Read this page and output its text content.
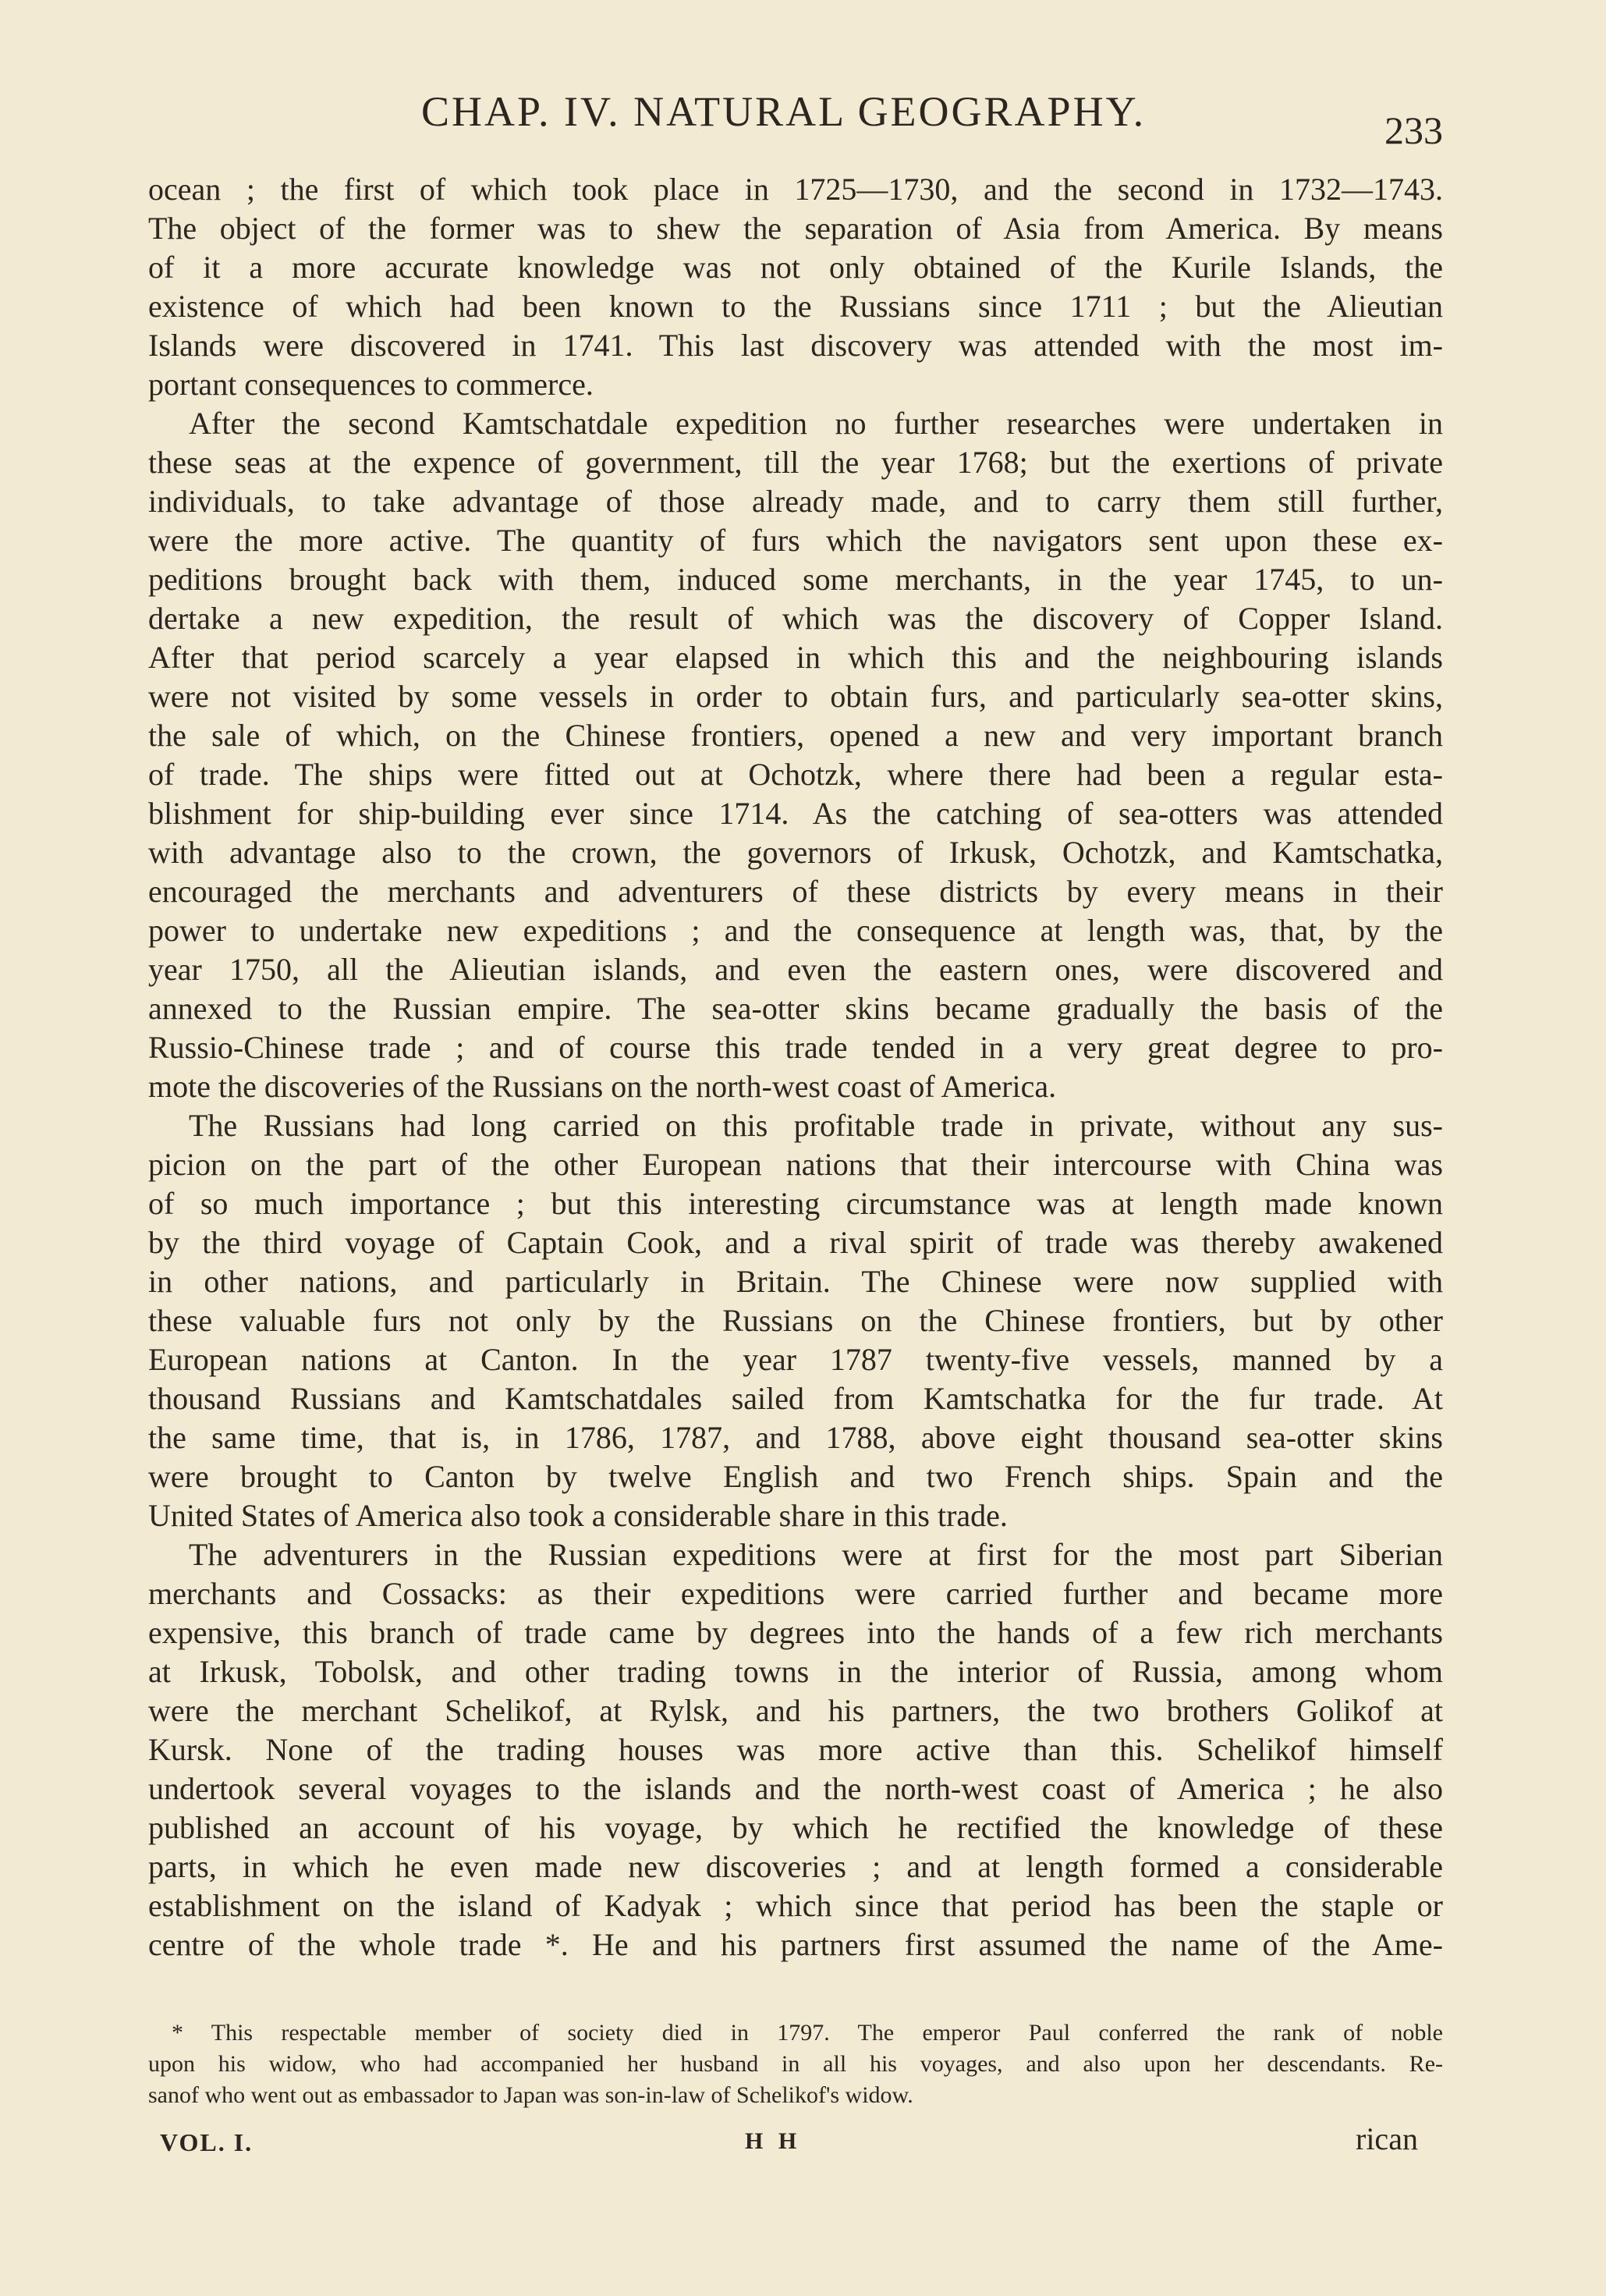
CHAP. IV. NATURAL GEOGRAPHY.	233
ocean ; the first of which took place in 1725—1730, and the second in 1732—1743.
The object of the former was to shew the separation of Asia from America. By means
of it a more accurate knowledge was not only obtained of the Kurile Islands, the
existence of which had been known to the Russians since 1711 ; but the Alieutian
Islands were discovered in 1741. This last discovery was attended with the most im-
portant consequences to commerce.
After the second Kamtschatdale expedition no further researches were undertaken in
these seas at the expence of government, till the year 1768; but the exertions of private
individuals, to take advantage of those already made, and to carry them still further,
were the more active. The quantity of furs which the navigators sent upon these ex-
peditions brought back with them, induced some merchants, in the year 1745, to un-
dertake a new expedition, the result of which was the discovery of Copper Island.
After that period scarcely a year elapsed in which this and the neighbouring islands
were not visited by some vessels in order to obtain furs, and particularly sea-otter skins,
the sale of which, on the Chinese frontiers, opened a new and very important branch
of trade. The ships were fitted out at Ochotzk, where there had been a regular esta-
blishment for ship-building ever since 1714. As the catching of sea-otters was attended
with advantage also to the crown, the governors of Irkusk, Ochotzk, and Kamtschatka,
encouraged the merchants and adventurers of these districts by every means in their
power to undertake new expeditions ; and the consequence at length was, that, by the
year 1750, all the Alieutian islands, and even the eastern ones, were discovered and
annexed to the Russian empire. The sea-otter skins became gradually the basis of the
Russio-Chinese trade ; and of course this trade tended in a very great degree to pro-
mote the discoveries of the Russians on the north-west coast of America.
The Russians had long carried on this profitable trade in private, without any sus-
picion on the part of the other European nations that their intercourse with China was
of so much importance ; but this interesting circumstance was at length made known
by the third voyage of Captain Cook, and a rival spirit of trade was thereby awakened
in other nations, and particularly in Britain. The Chinese were now supplied with
these valuable furs not only by the Russians on the Chinese frontiers, but by other
European nations at Canton. In the year 1787 twenty-five vessels, manned by a
thousand Russians and Kamtschatdales sailed from Kamtschatka for the fur trade. At
the same time, that is, in 1786, 1787, and 1788, above eight thousand sea-otter skins
were brought to Canton by twelve English and two French ships. Spain and the
United States of America also took a considerable share in this trade.
The adventurers in the Russian expeditions were at first for the most part Siberian
merchants and Cossacks: as their expeditions were carried further and became more
expensive, this branch of trade came by degrees into the hands of a few rich merchants
at Irkusk, Tobolsk, and other trading towns in the interior of Russia, among whom
were the merchant Schelikof, at Rylsk, and his partners, the two brothers Golikof at
Kursk. None of the trading houses was more active than this. Schelikof himself
undertook several voyages to the islands and the north-west coast of America ; he also
published an account of his voyage, by which he rectified the knowledge of these
parts, in which he even made new discoveries ; and at length formed a considerable
establishment on the island of Kadyak ; which since that period has been the staple or
centre of the whole trade *. He and his partners first assumed the name of the Ame-
* This respectable member of society died in 1797. The emperor Paul conferred the rank of noble
upon his widow, who had accompanied her husband in all his voyages, and also upon her descendants. Re-
sanof who went out as embassador to Japan was son-in-law of Schelikof's widow.
VOL. I.	H H	rican
